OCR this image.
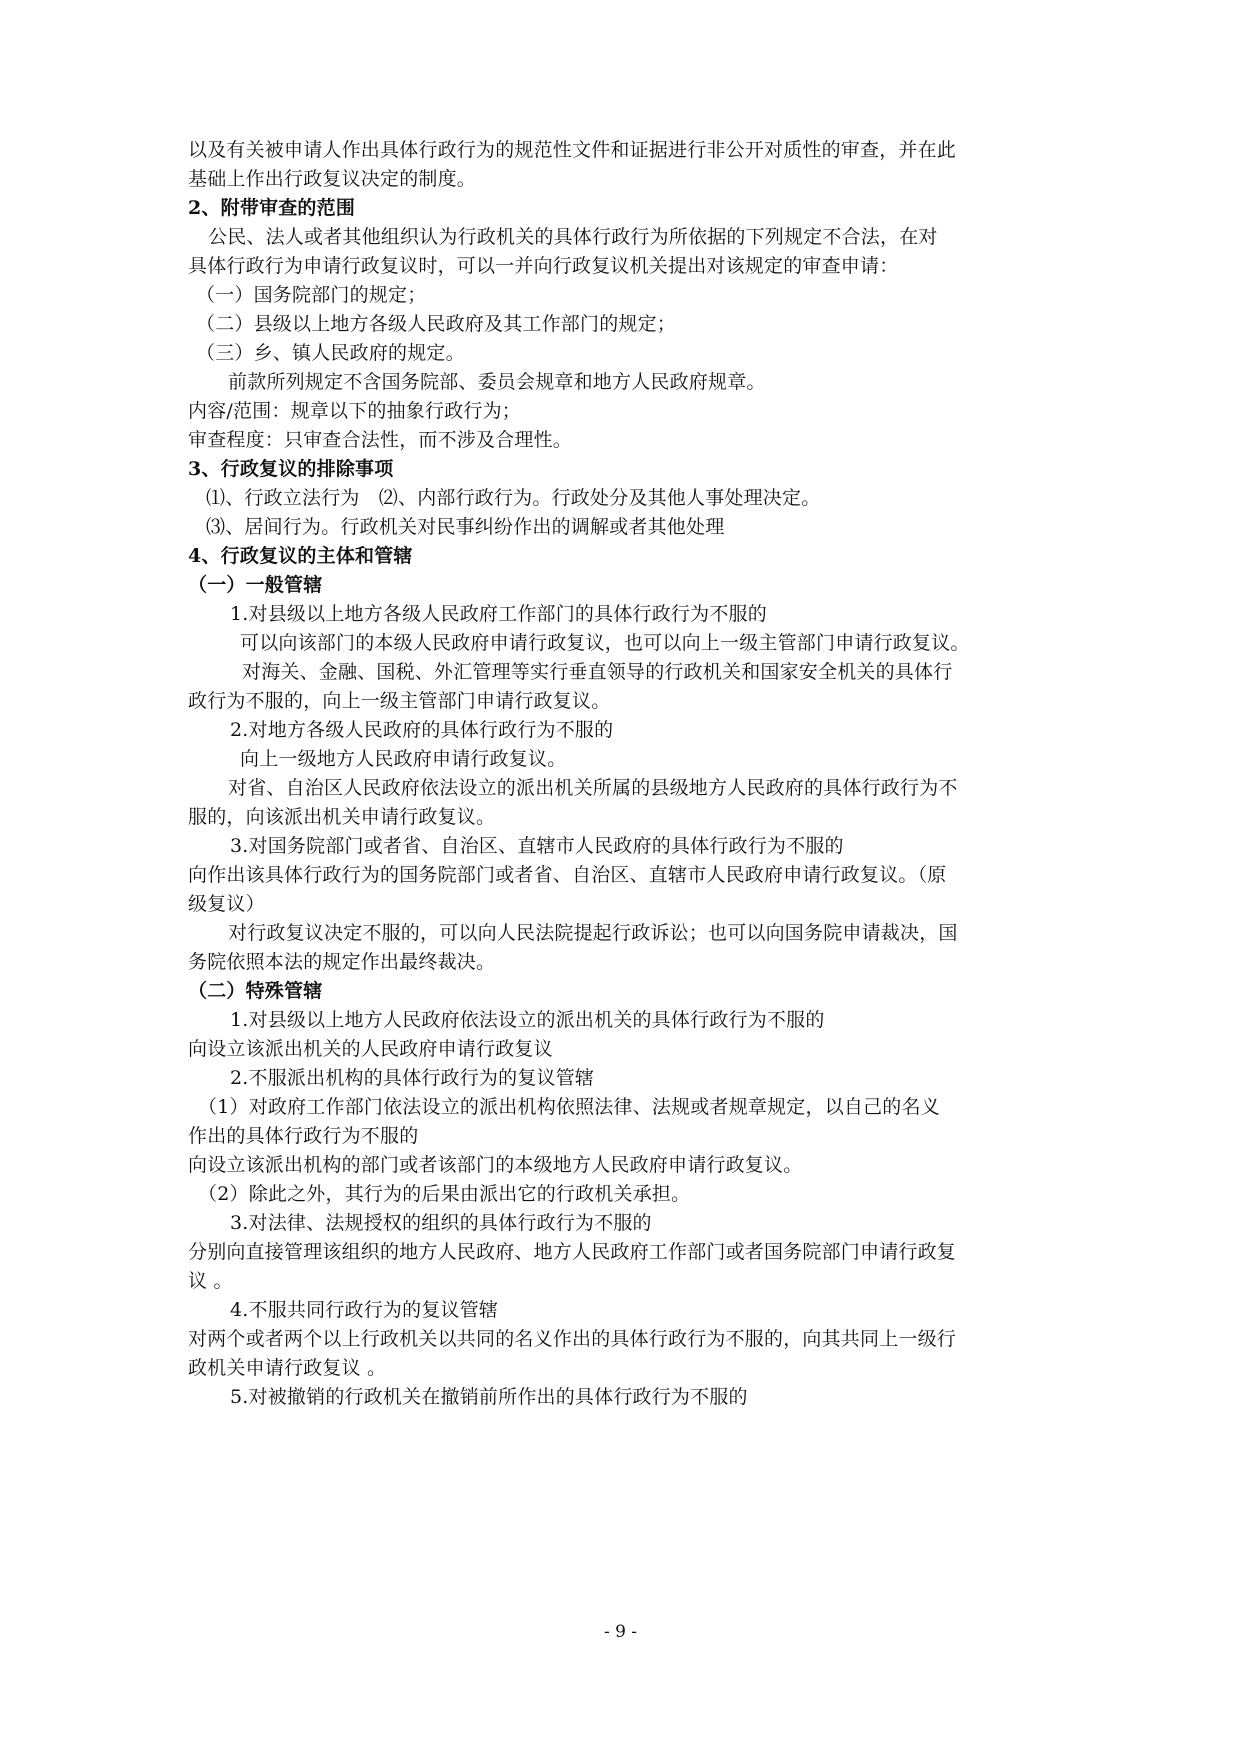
以及有关被申请人作出具体行政行为的规范性文件和证据进行非公开对质性的审查，并在此
基础上作出行政复议决定的制度。
2、附带审查的范围
公民、法人或者其他组织认为行政机关的具体行政行为所依据的下列规定不合法，在对
具体行政行为申请行政复议时，可以一并向行政复议机关提出对该规定的审查申请：
（一）国务院部门的规定；
（二）县级以上地方各级人民政府及其工作部门的规定；
（三）乡、镇人民政府的规定。
前款所列规定不含国务院部、委员会规章和地方人民政府规章。
内容/范围：规章以下的抽象行政行为；
审查程度：只审查合法性，而不涉及合理性。
3、行政复议的排除事项
⑴、行政立法行为　⑵、内部行政行为。行政处分及其他人事处理决定。
⑶、居间行为。行政机关对民事纠纷作出的调解或者其他处理
4、行政复议的主体和管辖
（一）一般管辖
1.对县级以上地方各级人民政府工作部门的具体行政行为不服的
可以向该部门的本级人民政府申请行政复议，也可以向上一级主管部门申请行政复议。
对海关、金融、国税、外汇管理等实行垂直领导的行政机关和国家安全机关的具体行
政行为不服的，向上一级主管部门申请行政复议。
2.对地方各级人民政府的具体行政行为不服的
向上一级地方人民政府申请行政复议。
对省、自治区人民政府依法设立的派出机关所属的县级地方人民政府的具体行政行为不
服的，向该派出机关申请行政复议。
3.对国务院部门或者省、自治区、直辖市人民政府的具体行政行为不服的
向作出该具体行政行为的国务院部门或者省、自治区、直辖市人民政府申请行政复议。（原
级复议）
对行政复议决定不服的，可以向人民法院提起行政诉讼；也可以向国务院申请裁决，国
务院依照本法的规定作出最终裁决。
（二）特殊管辖
1.对县级以上地方人民政府依法设立的派出机关的具体行政行为不服的
向设立该派出机关的人民政府申请行政复议
2.不服派出机构的具体行政行为的复议管辖
（1）对政府工作部门依法设立的派出机构依照法律、法规或者规章规定，以自己的名义
作出的具体行政行为不服的
向设立该派出机构的部门或者该部门的本级地方人民政府申请行政复议。
（2）除此之外，其行为的后果由派出它的行政机关承担。
3.对法律、法规授权的组织的具体行政行为不服的
分别向直接管理该组织的地方人民政府、地方人民政府工作部门或者国务院部门申请行政复
议 。
4.不服共同行政行为的复议管辖
对两个或者两个以上行政机关以共同的名义作出的具体行政行为不服的，向其共同上一级行
政机关申请行政复议 。
5.对被撤销的行政机关在撤销前所作出的具体行政行为不服的
- 9 -
